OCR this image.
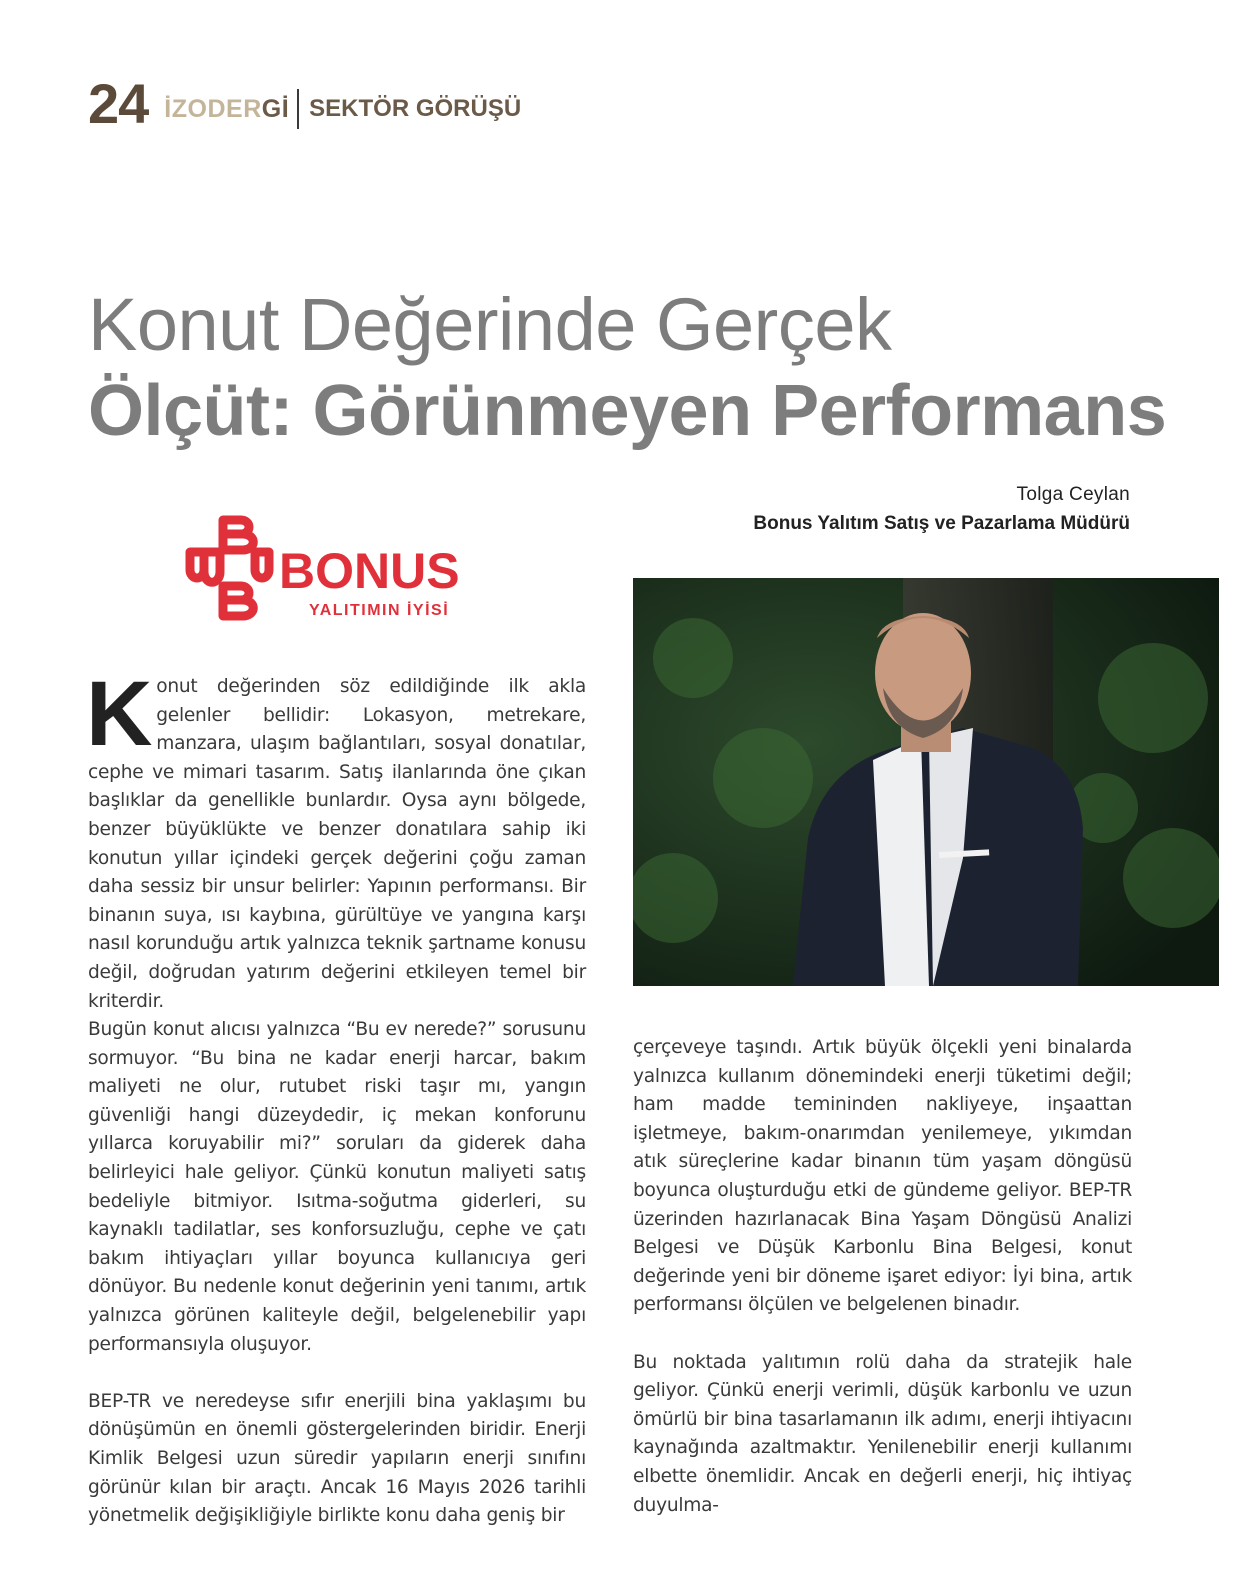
24 İZODERGİ SEKTÖR GÖRÜŞÜ
Konut Değerinde Gerçek
Ölçüt: Görünmeyen Performans
Tolga Ceylan
Bonus Yalıtım Satış ve Pazarlama Müdürü
BONUS
YALITIMIN İYİSİ

Konut değerinden söz edildiğinde ilk akla gelenler bellidir: Lokasyon, metrekare, manzara, ulaşım bağlantıları, sosyal donatılar, cephe ve mimari tasarım. Satış ilanlarında öne çıkan başlıklar da genellikle bunlardır. Oysa aynı bölgede, benzer büyüklükte ve benzer donatılara sahip iki konutun yıllar içindeki gerçek değerini çoğu zaman daha sessiz bir unsur belirler: Yapının performansı. Bir binanın suya, ısı kaybına, gürültüye ve yangına karşı nasıl korunduğu artık yalnızca teknik şartname konusu değil, doğrudan yatırım değerini etkileyen temel bir kriterdir.

Bugün konut alıcısı yalnızca “Bu ev nerede?” sorusunu sormuyor. “Bu bina ne kadar enerji harcar, bakım maliyeti ne olur, rutubet riski taşır mı, yangın güvenliği hangi düzeydedir, iç mekan konforunu yıllarca koruyabilir mi?” soruları da giderek daha belirleyici hale geliyor. Çünkü konutun maliyeti satış bedeliyle bitmiyor. Isıtma-soğutma giderleri, su kaynaklı tadilatlar, ses konforsuzluğu, cephe ve çatı bakım ihtiyaçları yıllar boyunca kullanıcıya geri dönüyor. Bu nedenle konut değerinin yeni tanımı, artık yalnızca görünen kaliteyle değil, belgelenebilir yapı performansıyla oluşuyor.

BEP-TR ve neredeyse sıfır enerjili bina yaklaşımı bu dönüşümün en önemli göstergelerinden biridir. Enerji Kimlik Belgesi uzun süredir yapıların enerji sınıfını görünür kılan bir araçtı. Ancak 16 Mayıs 2026 tarihli yönetmelik değişikliğiyle birlikte konu daha geniş bir

çerçeveye taşındı. Artık büyük ölçekli yeni binalarda yalnızca kullanım dönemindeki enerji tüketimi değil; ham madde temininden nakliyeye, inşaattan işletmeye, bakım-onarımdan yenilemeye, yıkımdan atık süreçlerine kadar binanın tüm yaşam döngüsü boyunca oluşturduğu etki de gündeme geliyor. BEP-TR üzerinden hazırlanacak Bina Yaşam Döngüsü Analizi Belgesi ve Düşük Karbonlu Bina Belgesi, konut değerinde yeni bir döneme işaret ediyor: İyi bina, artık performansı ölçülen ve belgelenen binadır.

Bu noktada yalıtımın rolü daha da stratejik hale geliyor. Çünkü enerji verimli, düşük karbonlu ve uzun ömürlü bir bina tasarlamanın ilk adımı, enerji ihtiyacını kaynağında azaltmaktır. Yenilenebilir enerji kullanımı elbette önemlidir. Ancak en değerli enerji, hiç ihtiyaç duyulma-
